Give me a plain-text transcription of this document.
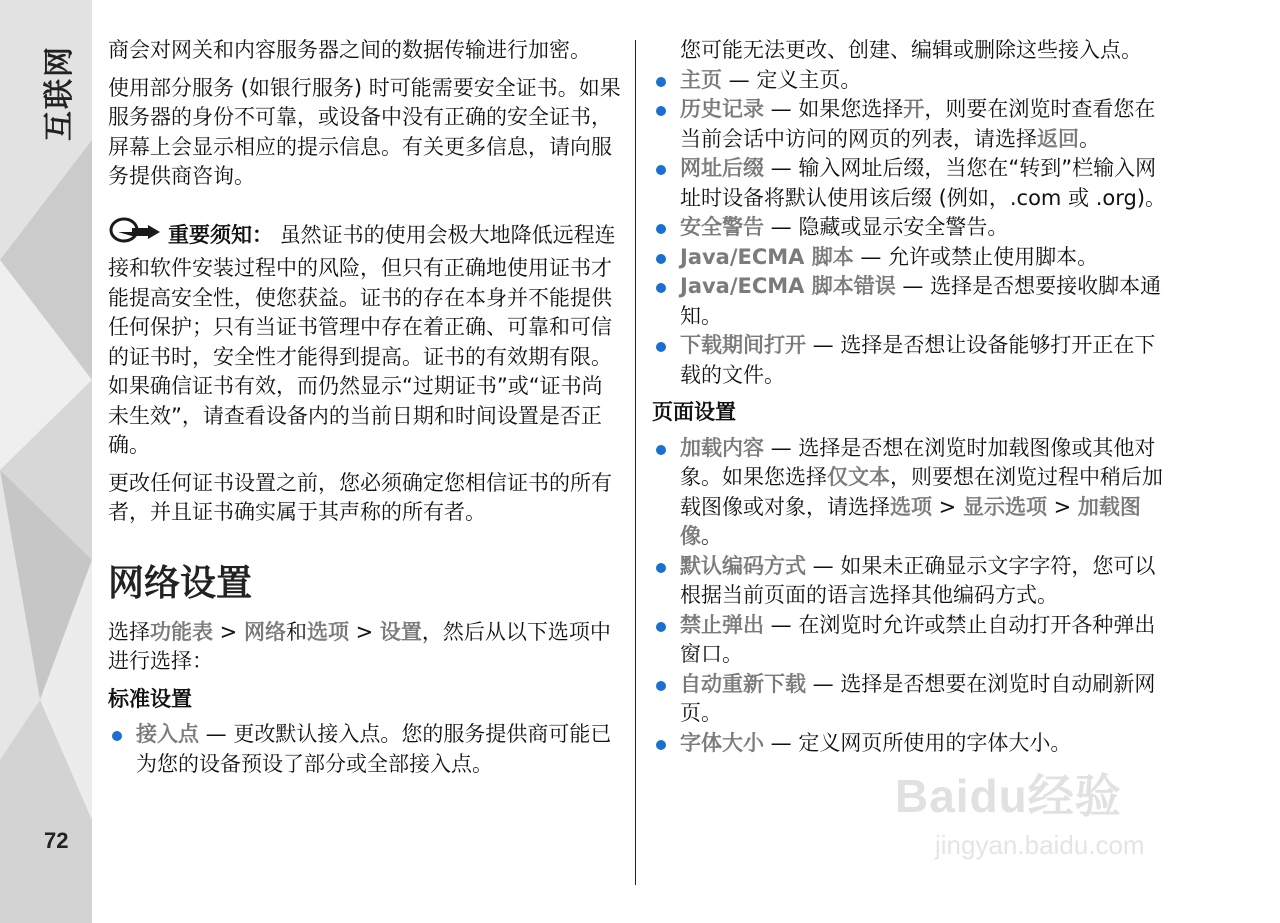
互联网
72

商会对网关和内容服务器之间的数据传输进行加密。

使用部分服务 (如银行服务) 时可能需要安全证书。如果服务器的身份不可靠，或设备中没有正确的安全证书，屏幕上会显示相应的提示信息。有关更多信息，请向服务提供商咨询。

重要须知： 虽然证书的使用会极大地降低远程连接和软件安装过程中的风险，但只有正确地使用证书才能提高安全性，使您获益。证书的存在本身并不能提供任何保护；只有当证书管理中存在着正确、可靠和可信的证书时，安全性才能得到提高。证书的有效期有限。如果确信证书有效，而仍然显示“过期证书”或“证书尚未生效”，请查看设备内的当前日期和时间设置是否正确。

更改任何证书设置之前，您必须确定您相信证书的所有者，并且证书确实属于其声称的所有者。

网络设置

选择功能表 > 网络和选项 > 设置，然后从以下选项中进行选择：

标准设置
接入点 — 更改默认接入点。您的服务提供商可能已为您的设备预设了部分或全部接入点。

您可能无法更改、创建、编辑或删除这些接入点。

主页 — 定义主页。
历史记录 — 如果您选择开，则要在浏览时查看您在当前会话中访问的网页的列表，请选择返回。
网址后缀 — 输入网址后缀，当您在“转到”栏输入网址时设备将默认使用该后缀 (例如，.com 或 .org)。
安全警告 — 隐藏或显示安全警告。
Java/ECMA 脚本 — 允许或禁止使用脚本。
Java/ECMA 脚本错误 — 选择是否想要接收脚本通知。
下载期间打开 — 选择是否想让设备能够打开正在下载的文件。
页面设置
加载内容 — 选择是否想在浏览时加载图像或其他对象。如果您选择仅文本，则要想在浏览过程中稍后加载图像或对象，请选择选项 > 显示选项 > 加载图像。
默认编码方式 — 如果未正确显示文字字符，您可以根据当前页面的语言选择其他编码方式。
禁止弹出 — 在浏览时允许或禁止自动打开各种弹出窗口。
自动重新下载 — 选择是否想要在浏览时自动刷新网页。
字体大小 — 定义网页所使用的字体大小。
Baidu经验
jingyan.baidu.com
